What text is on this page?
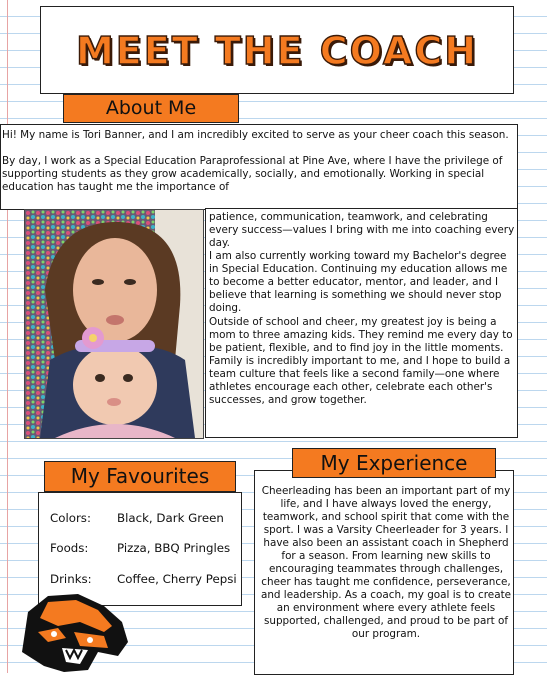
MEET THE COACH
About Me
Hi! My name is Tori Banner, and I am incredibly excited to serve as your cheer coach this season.
By day, I work as a Special Education Paraprofessional at Pine Ave, where I have the privilege of supporting students as they grow academically, socially, and emotionally. Working in special education has taught me the importance of
patience, communication, teamwork, and celebrating every success—values I bring with me into coaching every day.
I am also currently working toward my Bachelor's degree in Special Education. Continuing my education allows me to become a better educator, mentor, and leader, and I believe that learning is something we should never stop doing.
Outside of school and cheer, my greatest joy is being a mom to three amazing kids. They remind me every day to be patient, flexible, and to find joy in the little moments. Family is incredibly important to me, and I hope to build a team culture that feels like a second family—one where athletes encourage each other, celebrate each other's successes, and grow together.
My Favourites
Colors:	Black, Dark Green
Foods:	Pizza, BBQ Pringles
Drinks:	Coffee, Cherry Pepsi
My Experience
Cheerleading has been an important part of my life, and I have always loved the energy, teamwork, and school spirit that come with the sport. I was a Varsity Cheerleader for 3 years. I have also been an assistant coach in Shepherd for a season. From learning new skills to encouraging teammates through challenges, cheer has taught me confidence, perseverance, and leadership. As a coach, my goal is to create an environment where every athlete feels supported, challenged, and proud to be part of our program.
